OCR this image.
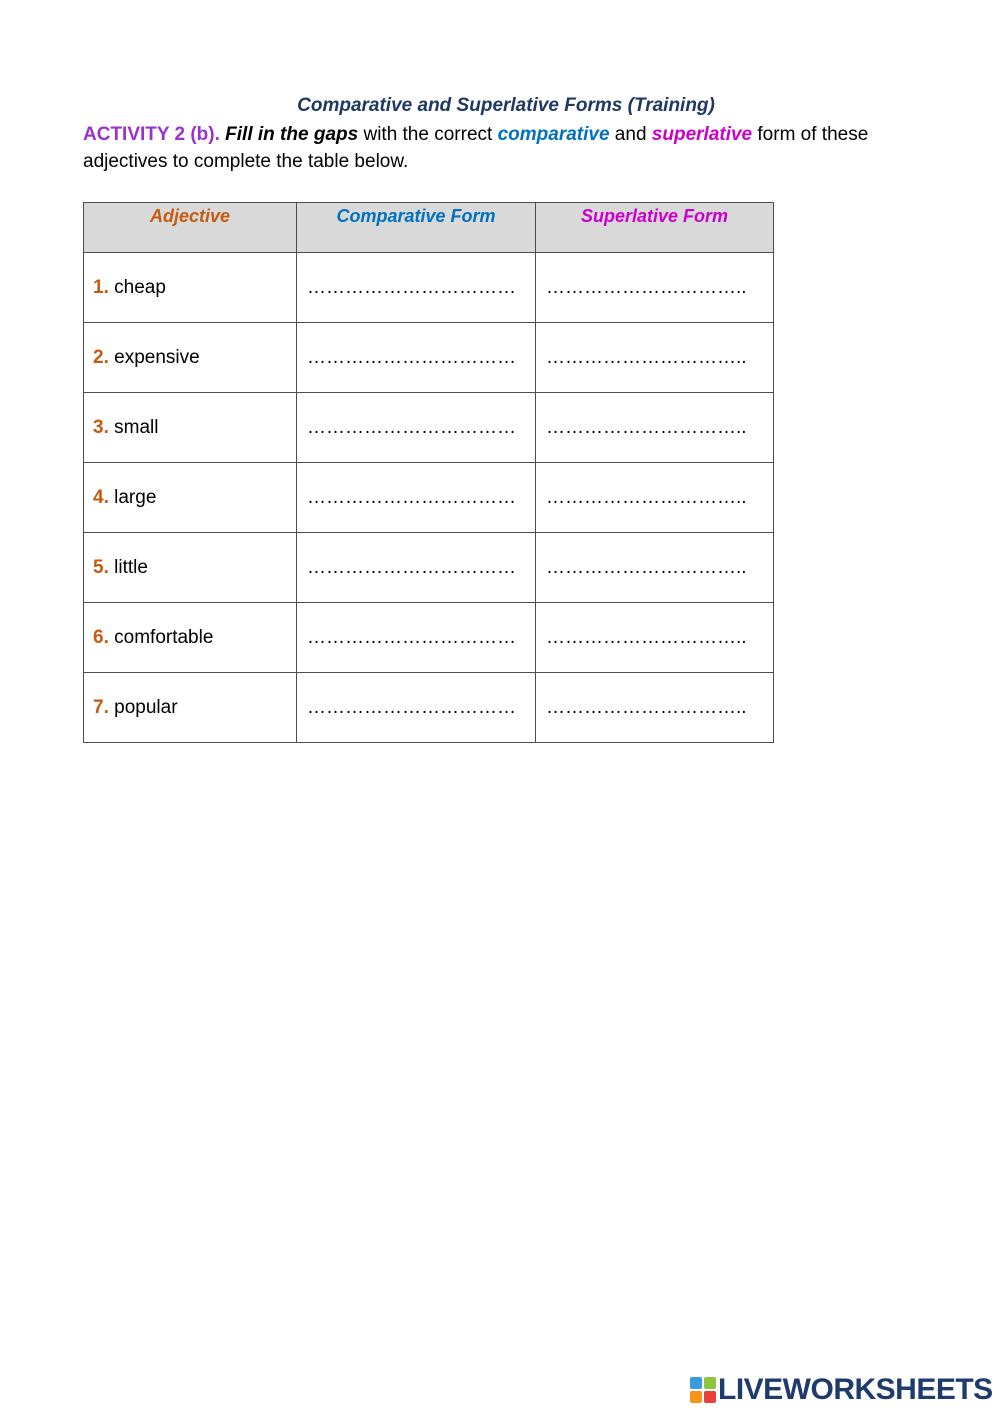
Comparative and Superlative Forms (Training)
ACTIVITY 2 (b). Fill in the gaps with the correct comparative and superlative form of these adjectives to complete the table below.
Adjective	Comparative Form	Superlative Form
1. cheap	……………………………	…………………………..
2. expensive	……………………………	…………………………..
3. small	……………………………	…………………………..
4. large	……………………………	…………………………..
5. little	……………………………	…………………………..
6. comfortable	……………………………	…………………………..
7. popular	……………………………	…………………………..
LIVEWORKSHEETS
